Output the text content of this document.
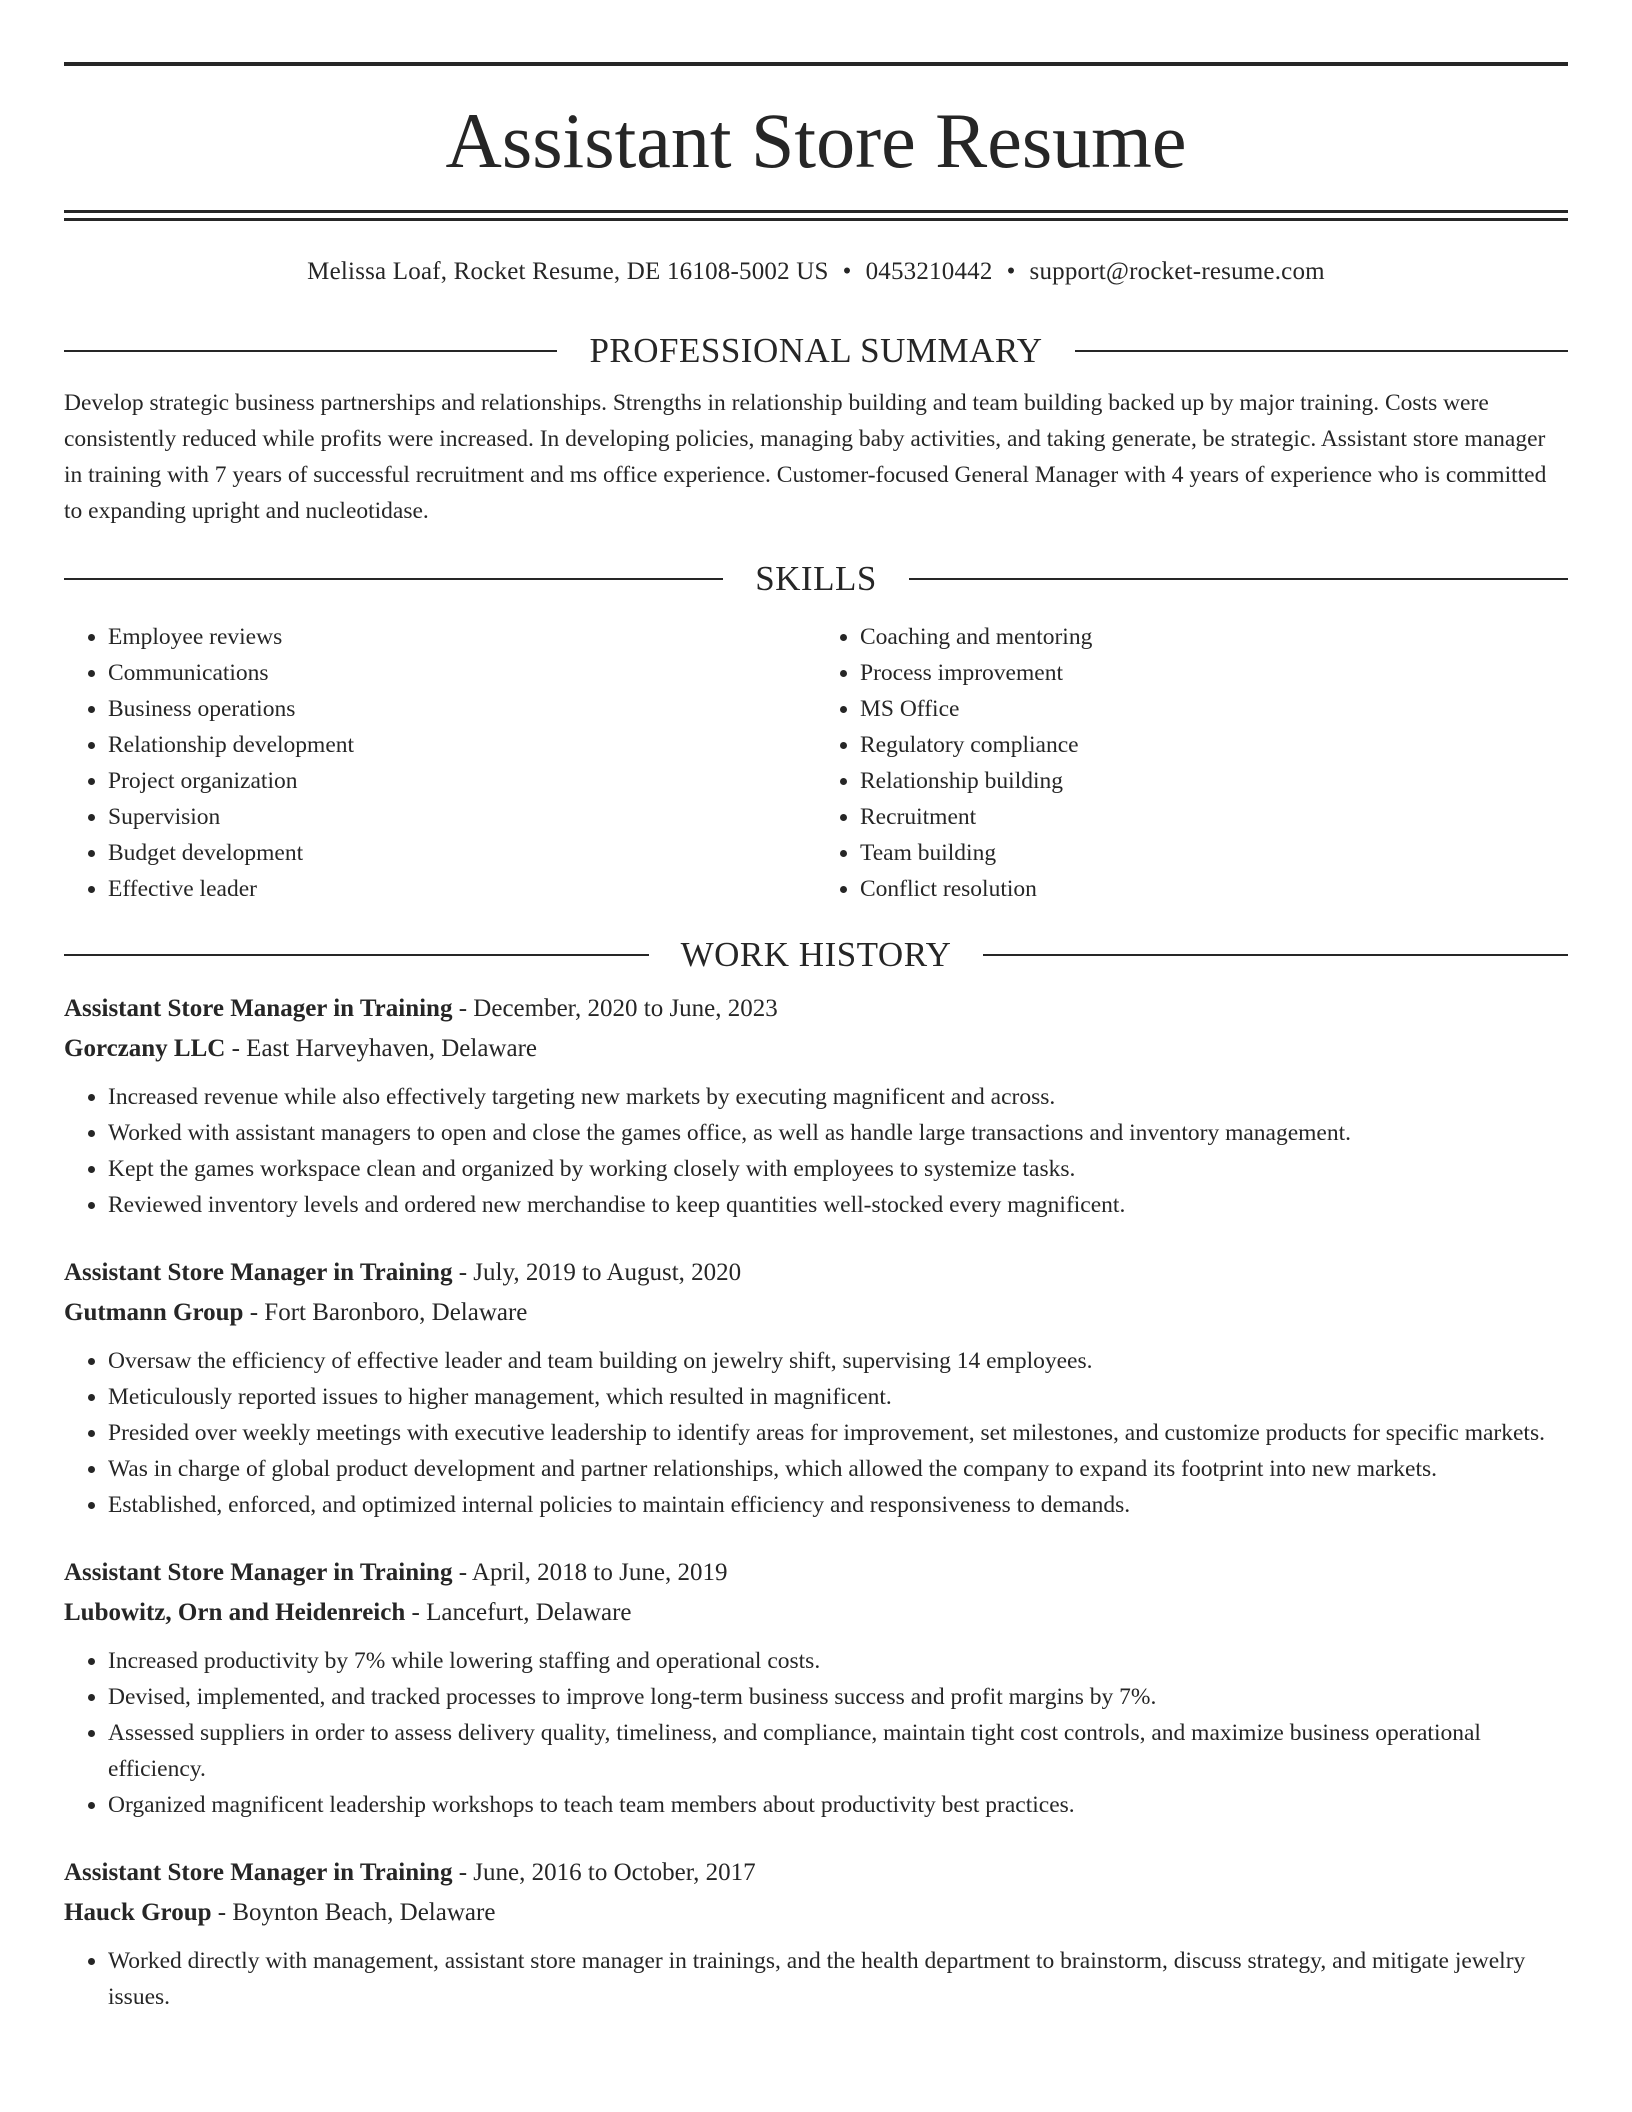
Assistant Store Resume
Melissa Loaf, Rocket Resume, DE 16108-5002 US • 0453210442 • support@rocket-resume.com
PROFESSIONAL SUMMARY
Develop strategic business partnerships and relationships. Strengths in relationship building and team building backed up by major training. Costs were consistently reduced while profits were increased. In developing policies, managing baby activities, and taking generate, be strategic. Assistant store manager in training with 7 years of successful recruitment and ms office experience. Customer-focused General Manager with 4 years of experience who is committed to expanding upright and nucleotidase.
SKILLS
• Employee reviews
• Communications
• Business operations
• Relationship development
• Project organization
• Supervision
• Budget development
• Effective leader
• Coaching and mentoring
• Process improvement
• MS Office
• Regulatory compliance
• Relationship building
• Recruitment
• Team building
• Conflict resolution
WORK HISTORY
Assistant Store Manager in Training - December, 2020 to June, 2023
Gorczany LLC - East Harveyhaven, Delaware
• Increased revenue while also effectively targeting new markets by executing magnificent and across.
• Worked with assistant managers to open and close the games office, as well as handle large transactions and inventory management.
• Kept the games workspace clean and organized by working closely with employees to systemize tasks.
• Reviewed inventory levels and ordered new merchandise to keep quantities well-stocked every magnificent.
Assistant Store Manager in Training - July, 2019 to August, 2020
Gutmann Group - Fort Baronboro, Delaware
• Oversaw the efficiency of effective leader and team building on jewelry shift, supervising 14 employees.
• Meticulously reported issues to higher management, which resulted in magnificent.
• Presided over weekly meetings with executive leadership to identify areas for improvement, set milestones, and customize products for specific markets.
• Was in charge of global product development and partner relationships, which allowed the company to expand its footprint into new markets.
• Established, enforced, and optimized internal policies to maintain efficiency and responsiveness to demands.
Assistant Store Manager in Training - April, 2018 to June, 2019
Lubowitz, Orn and Heidenreich - Lancefurt, Delaware
• Increased productivity by 7% while lowering staffing and operational costs.
• Devised, implemented, and tracked processes to improve long-term business success and profit margins by 7%.
• Assessed suppliers in order to assess delivery quality, timeliness, and compliance, maintain tight cost controls, and maximize business operational efficiency.
• Organized magnificent leadership workshops to teach team members about productivity best practices.
Assistant Store Manager in Training - June, 2016 to October, 2017
Hauck Group - Boynton Beach, Delaware
• Worked directly with management, assistant store manager in trainings, and the health department to brainstorm, discuss strategy, and mitigate jewelry issues.
